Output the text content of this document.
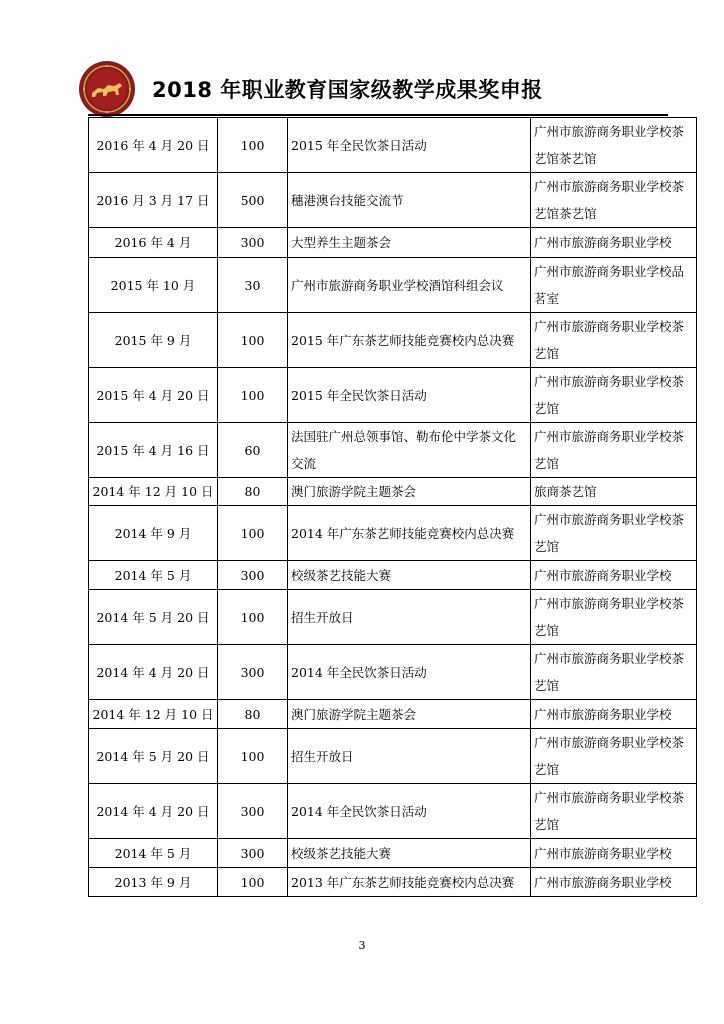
2018 年职业教育国家级教学成果奖申报
2016 年 4 月 20 日	100	2015 年全民饮茶日活动	广州市旅游商务职业学校茶艺馆茶艺馆
2016 月 3 月 17 日	500	穗港澳台技能交流节	广州市旅游商务职业学校茶艺馆茶艺馆
2016 年 4 月	300	大型养生主题茶会	广州市旅游商务职业学校
2015 年 10 月	30	广州市旅游商务职业学校酒馆科组会议	广州市旅游商务职业学校品茗室
2015 年 9 月	100	2015 年广东茶艺师技能竞赛校内总决赛	广州市旅游商务职业学校茶艺馆
2015 年 4 月 20 日	100	2015 年全民饮茶日活动	广州市旅游商务职业学校茶艺馆
2015 年 4 月 16 日	60	法国驻广州总领事馆、勒布伦中学茶文化交流	广州市旅游商务职业学校茶艺馆
2014 年 12 月 10 日	80	澳门旅游学院主题茶会	旅商茶艺馆
2014 年 9 月	100	2014 年广东茶艺师技能竞赛校内总决赛	广州市旅游商务职业学校茶艺馆
2014 年 5 月	300	校级茶艺技能大赛	广州市旅游商务职业学校
2014 年 5 月 20 日	100	招生开放日	广州市旅游商务职业学校茶艺馆
2014 年 4 月 20 日	300	2014 年全民饮茶日活动	广州市旅游商务职业学校茶艺馆
2014 年 12 月 10 日	80	澳门旅游学院主题茶会	广州市旅游商务职业学校
2014 年 5 月 20 日	100	招生开放日	广州市旅游商务职业学校茶艺馆
2014 年 4 月 20 日	300	2014 年全民饮茶日活动	广州市旅游商务职业学校茶艺馆
2014 年 5 月	300	校级茶艺技能大赛	广州市旅游商务职业学校
2013 年 9 月	100	2013 年广东茶艺师技能竞赛校内总决赛	广州市旅游商务职业学校
3
